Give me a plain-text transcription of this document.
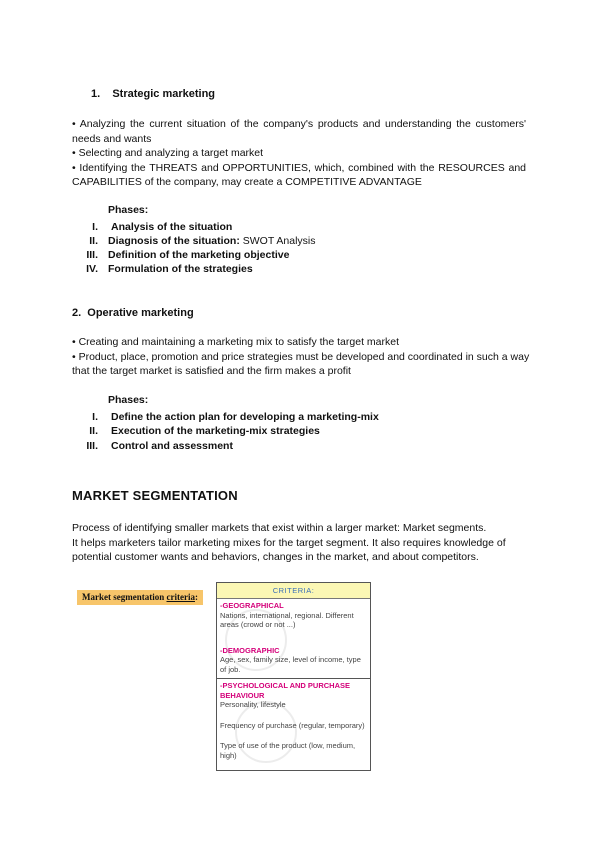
1. Strategic marketing
• Analyzing the current situation of the company's products and understanding the customers' needs and wants
• Selecting and analyzing a target market
• Identifying the THREATS and OPPORTUNITIES, which, combined with the RESOURCES and CAPABILITIES of the company, may create a COMPETITIVE ADVANTAGE
Phases:
I. Analysis of the situation
II. Diagnosis of the situation: SWOT Analysis
III. Definition of the marketing objective
IV. Formulation of the strategies
2.  Operative marketing
• Creating and maintaining a marketing mix to satisfy the target market
• Product, place, promotion and price strategies must be developed and coordinated in such a way that the target market is satisfied and the firm makes a profit
Phases:
I. Define the action plan for developing a marketing-mix
II. Execution of the marketing-mix strategies
III. Control and assessment
MARKET SEGMENTATION
Process of identifying smaller markets that exist within a larger market: Market segments.
It helps marketers tailor marketing mixes for the target segment. It also requires knowledge of potential customer wants and behaviors, changes in the market, and about competitors.
Market segmentation criteria:
CRITERIA:
-GEOGRAPHICAL
Nations, international, regional. Different areas (crowd or not ...)
-DEMOGRAPHIC
Age, sex, family size, level of income, type of job.
-PSYCHOLOGICAL AND PURCHASE BEHAVIOUR
Personality, lifestyle
Frequency of purchase (regular, temporary)
Type of use of the product (low, medium, high)
